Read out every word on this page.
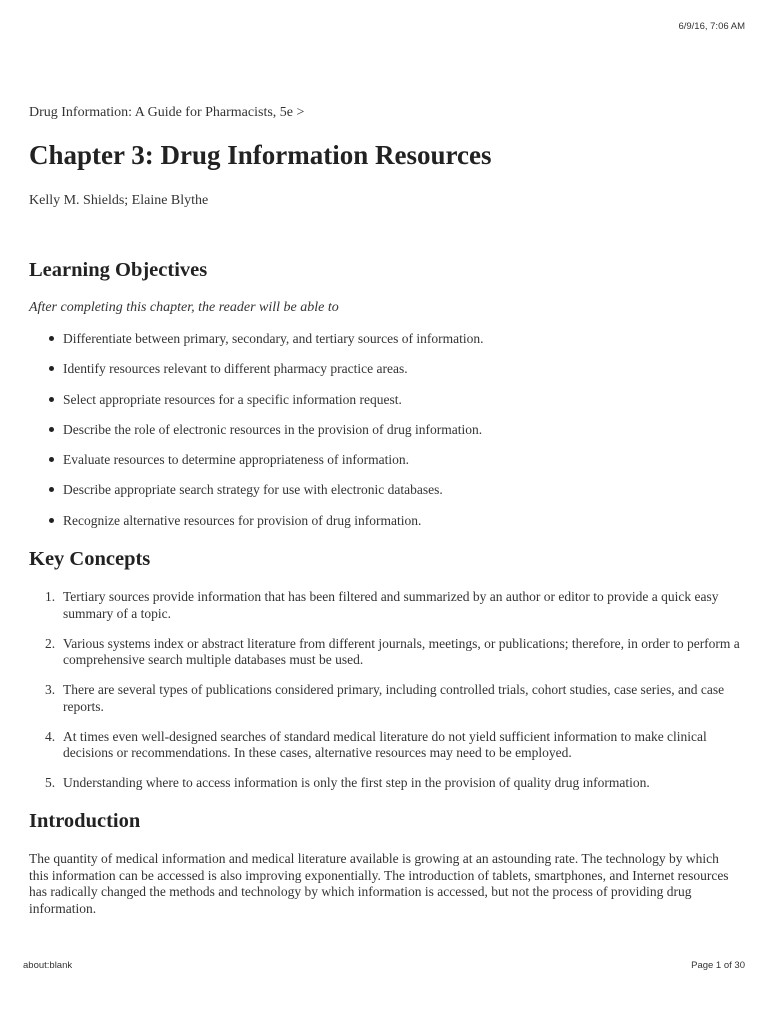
6/9/16, 7:06 AM
Drug Information: A Guide for Pharmacists, 5e >
Chapter 3: Drug Information Resources
Kelly M. Shields; Elaine Blythe
Learning Objectives
After completing this chapter, the reader will be able to
Differentiate between primary, secondary, and tertiary sources of information.
Identify resources relevant to different pharmacy practice areas.
Select appropriate resources for a specific information request.
Describe the role of electronic resources in the provision of drug information.
Evaluate resources to determine appropriateness of information.
Describe appropriate search strategy for use with electronic databases.
Recognize alternative resources for provision of drug information.
Key Concepts
1. Tertiary sources provide information that has been filtered and summarized by an author or editor to provide a quick easy summary of a topic.
2. Various systems index or abstract literature from different journals, meetings, or publications; therefore, in order to perform a comprehensive search multiple databases must be used.
3. There are several types of publications considered primary, including controlled trials, cohort studies, case series, and case reports.
4. At times even well-designed searches of standard medical literature do not yield sufficient information to make clinical decisions or recommendations. In these cases, alternative resources may need to be employed.
5. Understanding where to access information is only the first step in the provision of quality drug information.
Introduction

The quantity of medical information and medical literature available is growing at an astounding rate. The technology by which this information can be accessed is also improving exponentially. The introduction of tablets, smartphones, and Internet resources has radically changed the methods and technology by which information is accessed, but not the process of providing drug information.

about:blank	Page 1 of 30
